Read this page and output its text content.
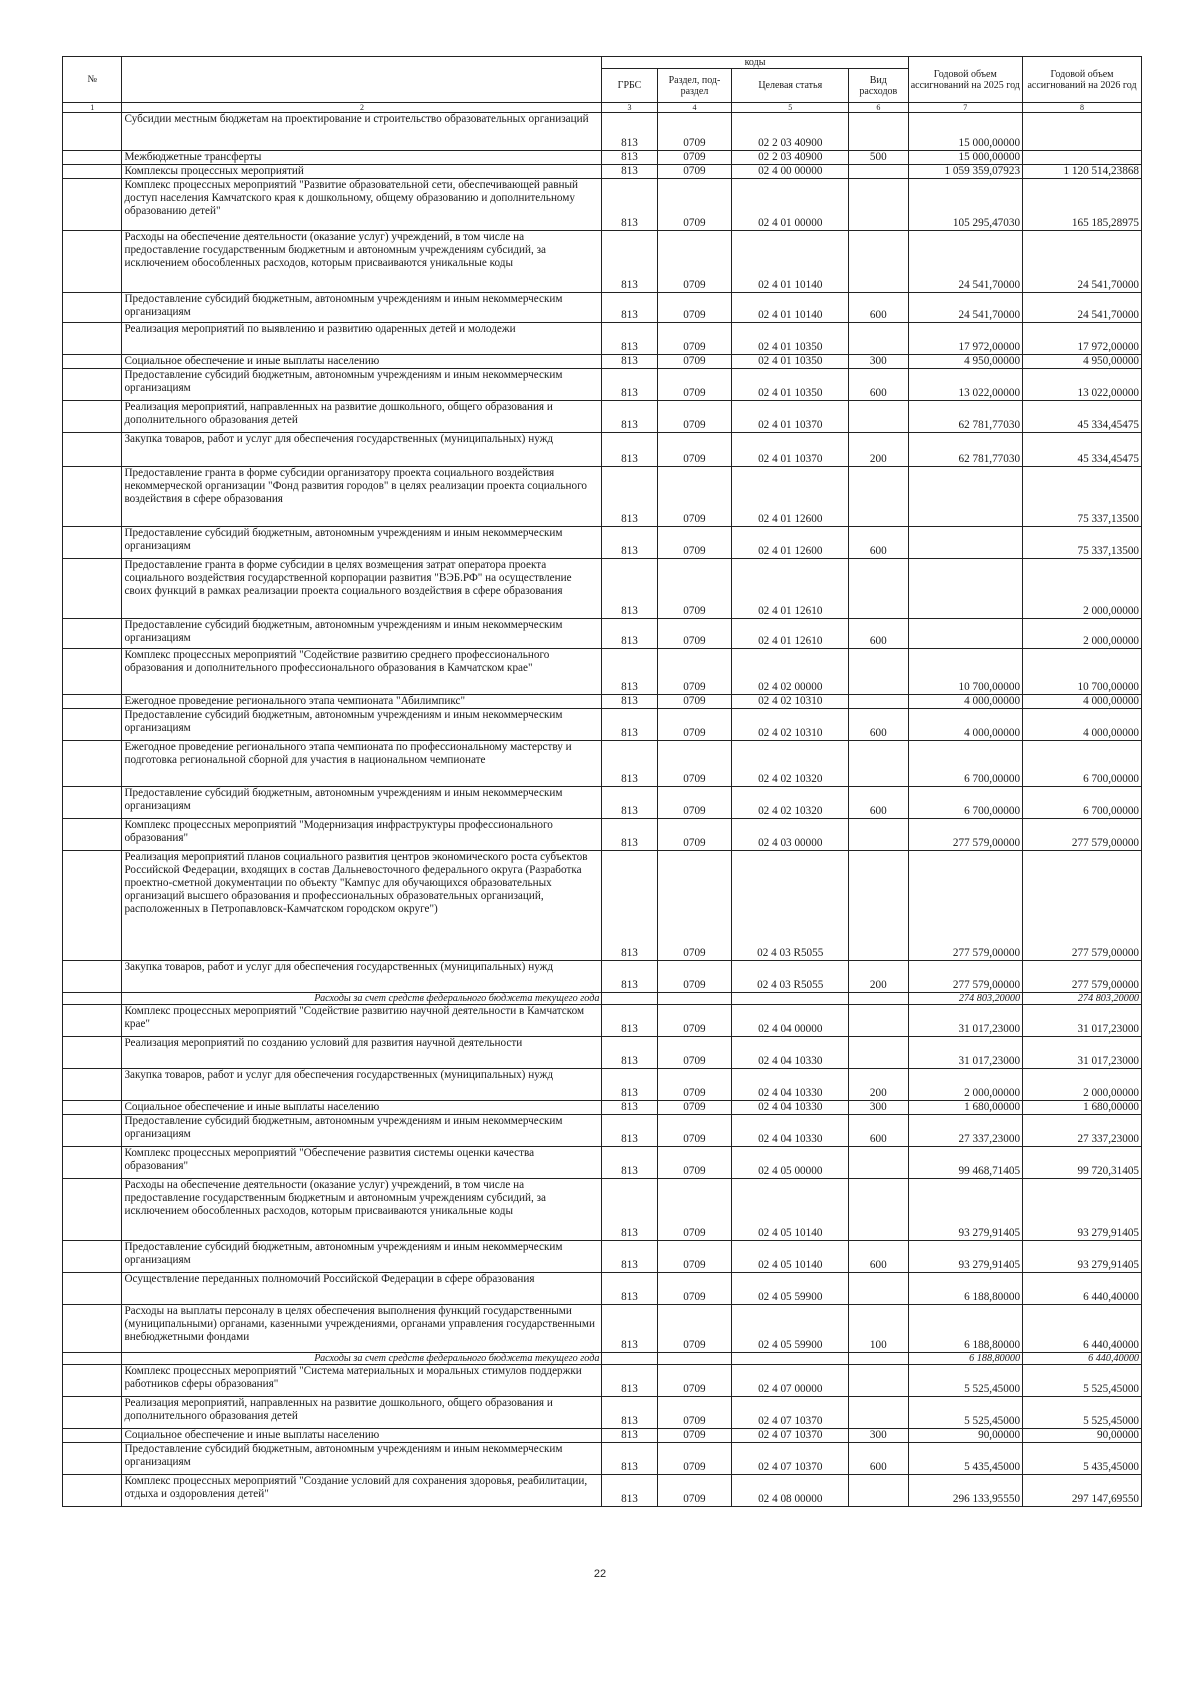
№		коды				Годовой объем ассигнований на 2025 год	Годовой объем ассигнований на 2026 год
		ГРБС	Раздел, под-раздел	Целевая статья	Вид расходов		
1	2	3	4	5	6	7	8
	Субсидии местным бюджетам на проектирование и строительство образовательных организаций	813	0709	02 2 03 40900		15 000,00000	
	Межбюджетные трансферты	813	0709	02 2 03 40900	500	15 000,00000	
	Комплексы процессных мероприятий	813	0709	02 4 00 00000		1 059 359,07923	1 120 514,23868
	Комплекс процессных мероприятий "Развитие образовательной сети, обеспечивающей равный доступ населения Камчатского края к дошкольному, общему образованию и дополнительному образованию детей"	813	0709	02 4 01 00000		105 295,47030	165 185,28975
	Расходы на обеспечение деятельности (оказание услуг) учреждений, в том числе на предоставление государственным бюджетным и автономным учреждениям субсидий, за исключением обособленных расходов, которым присваиваются уникальные коды	813	0709	02 4 01 10140		24 541,70000	24 541,70000
	Предоставление субсидий бюджетным, автономным учреждениям и иным некоммерческим организациям	813	0709	02 4 01 10140	600	24 541,70000	24 541,70000
	Реализация мероприятий по выявлению и развитию одаренных детей и молодежи	813	0709	02 4 01 10350		17 972,00000	17 972,00000
	Социальное обеспечение и иные выплаты населению	813	0709	02 4 01 10350	300	4 950,00000	4 950,00000
	Предоставление субсидий бюджетным, автономным учреждениям и иным некоммерческим организациям	813	0709	02 4 01 10350	600	13 022,00000	13 022,00000
	Реализация мероприятий, направленных на развитие дошкольного, общего образования и дополнительного образования детей	813	0709	02 4 01 10370		62 781,77030	45 334,45475
	Закупка товаров, работ и услуг для обеспечения государственных (муниципальных) нужд	813	0709	02 4 01 10370	200	62 781,77030	45 334,45475
	Предоставление гранта в форме субсидии организатору проекта социального воздействия некоммерческой организации "Фонд развития городов" в целях реализации проекта социального воздействия в сфере образования	813	0709	02 4 01 12600			75 337,13500
	Предоставление субсидий бюджетным, автономным учреждениям и иным некоммерческим организациям	813	0709	02 4 01 12600	600		75 337,13500
	Предоставление гранта в форме субсидии в целях возмещения затрат оператора проекта социального воздействия государственной корпорации развития "ВЭБ.РФ" на осуществление своих функций в рамках реализации проекта социального воздействия в сфере образования	813	0709	02 4 01 12610			2 000,00000
	Предоставление субсидий бюджетным, автономным учреждениям и иным некоммерческим организациям	813	0709	02 4 01 12610	600		2 000,00000
	Комплекс процессных мероприятий "Содействие развитию среднего профессионального образования и дополнительного профессионального образования в Камчатском крае"	813	0709	02 4 02 00000		10 700,00000	10 700,00000
	Ежегодное проведение регионального этапа чемпионата "Абилимпикс"	813	0709	02 4 02 10310		4 000,00000	4 000,00000
	Предоставление субсидий бюджетным, автономным учреждениям и иным некоммерческим организациям	813	0709	02 4 02 10310	600	4 000,00000	4 000,00000
	Ежегодное проведение регионального этапа чемпионата по профессиональному мастерству и подготовка региональной сборной для участия в национальном чемпионате	813	0709	02 4 02 10320		6 700,00000	6 700,00000
	Предоставление субсидий бюджетным, автономным учреждениям и иным некоммерческим организациям	813	0709	02 4 02 10320	600	6 700,00000	6 700,00000
	Комплекс процессных мероприятий "Модернизация инфраструктуры профессионального образования"	813	0709	02 4 03 00000		277 579,00000	277 579,00000
	Реализация мероприятий планов социального развития центров экономического роста субъектов Российской Федерации, входящих в состав Дальневосточного федерального округа (Разработка проектно-сметной документации по объекту "Кампус для обучающихся образовательных организаций высшего образования и профессиональных образовательных организаций, расположенных в Петропавловск-Камчатском городском округе")	813	0709	02 4 03 R5055		277 579,00000	277 579,00000
	Закупка товаров, работ и услуг для обеспечения государственных (муниципальных) нужд	813	0709	02 4 03 R5055	200	277 579,00000	277 579,00000
	Расходы за счет средств федерального бюджета текущего года					274 803,20000	274 803,20000
	Комплекс процессных мероприятий "Содействие развитию научной деятельности в Камчатском крае"	813	0709	02 4 04 00000		31 017,23000	31 017,23000
	Реализация мероприятий по созданию условий для развития научной деятельности	813	0709	02 4 04 10330		31 017,23000	31 017,23000
	Закупка товаров, работ и услуг для обеспечения государственных (муниципальных) нужд	813	0709	02 4 04 10330	200	2 000,00000	2 000,00000
	Социальное обеспечение и иные выплаты населению	813	0709	02 4 04 10330	300	1 680,00000	1 680,00000
	Предоставление субсидий бюджетным, автономным учреждениям и иным некоммерческим организациям	813	0709	02 4 04 10330	600	27 337,23000	27 337,23000
	Комплекс процессных мероприятий "Обеспечение развития системы оценки качества образования"	813	0709	02 4 05 00000		99 468,71405	99 720,31405
	Расходы на обеспечение деятельности (оказание услуг) учреждений, в том числе на предоставление государственным бюджетным и автономным учреждениям субсидий, за исключением обособленных расходов, которым присваиваются уникальные коды	813	0709	02 4 05 10140		93 279,91405	93 279,91405
	Предоставление субсидий бюджетным, автономным учреждениям и иным некоммерческим организациям	813	0709	02 4 05 10140	600	93 279,91405	93 279,91405
	Осуществление переданных полномочий Российской Федерации в сфере образования	813	0709	02 4 05 59900		6 188,80000	6 440,40000
	Расходы на выплаты персоналу в целях обеспечения выполнения функций государственными (муниципальными) органами, казенными учреждениями, органами управления государственными внебюджетными фондами	813	0709	02 4 05 59900	100	6 188,80000	6 440,40000
	Расходы за счет средств федерального бюджета текущего года					6 188,80000	6 440,40000
	Комплекс процессных мероприятий "Система материальных и моральных стимулов поддержки работников сферы образования"	813	0709	02 4 07 00000		5 525,45000	5 525,45000
	Реализация мероприятий, направленных на развитие дошкольного, общего образования и дополнительного образования детей	813	0709	02 4 07 10370		5 525,45000	5 525,45000
	Социальное обеспечение и иные выплаты населению	813	0709	02 4 07 10370	300	90,00000	90,00000
	Предоставление субсидий бюджетным, автономным учреждениям и иным некоммерческим организациям	813	0709	02 4 07 10370	600	5 435,45000	5 435,45000
	Комплекс процессных мероприятий "Создание условий для сохранения здоровья, реабилитации, отдыха и оздоровления детей"	813	0709	02 4 08 00000		296 133,95550	297 147,69550
22
